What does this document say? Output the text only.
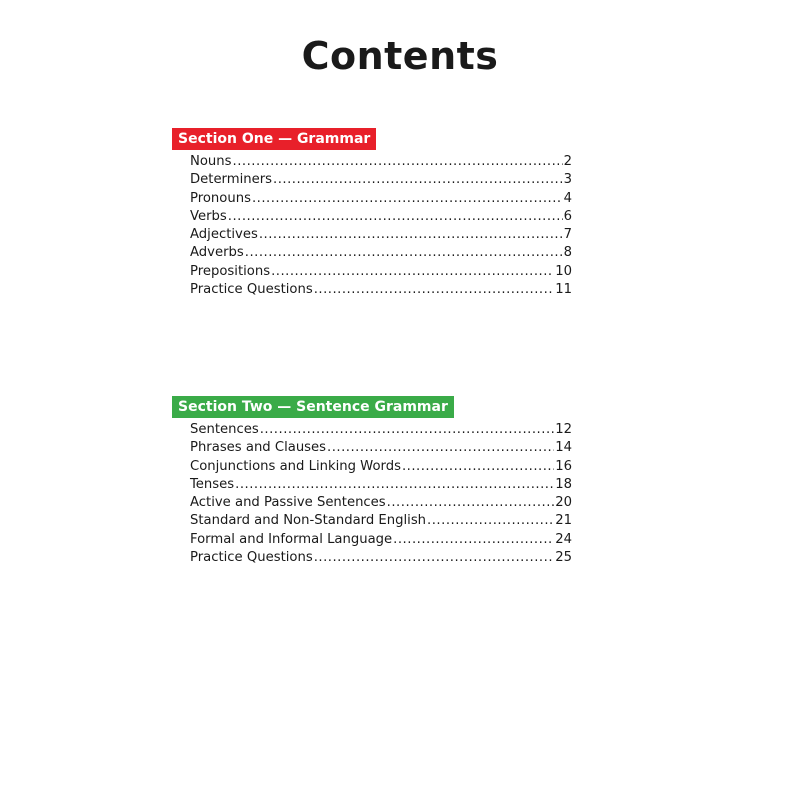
Contents
Section One — Grammar
Nouns .....	2
Determiners .....	3
Pronouns .....	4
Verbs .....	6
Adjectives .....	7
Adverbs .....	8
Prepositions .....	10
Practice Questions .....	11
Section Two — Sentence Grammar
Sentences .....	12
Phrases and Clauses .....	14
Conjunctions and Linking Words .....	16
Tenses .....	18
Active and Passive Sentences .....	20
Standard and Non-Standard English .....	21
Formal and Informal Language .....	24
Practice Questions .....	25
